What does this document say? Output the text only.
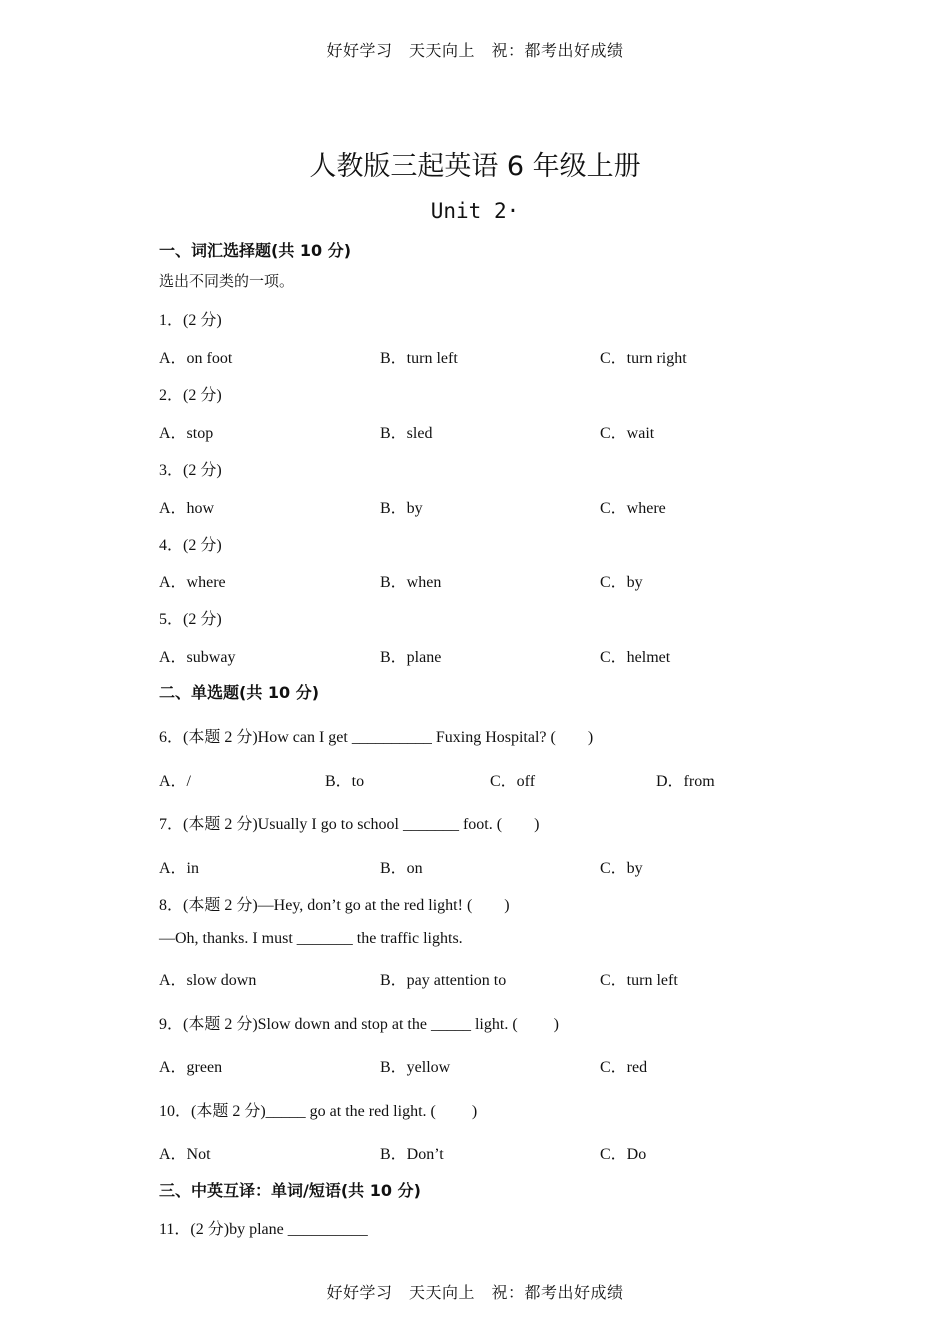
好好学习　天天向上　祝：都考出好成绩
人教版三起英语 6 年级上册
Unit 2·
一、词汇选择题(共 10 分)
选出不同类的一项。
1．(2 分)
A．on foot	B．turn left	C．turn right
2．(2 分)
A．stop	B．sled	C．wait
3．(2 分)
A．how	B．by	C．where
4．(2 分)
A．where	B．when	C．by
5．(2 分)
A．subway	B．plane	C．helmet
二、单选题(共 10 分)
6．(本题 2 分)How can I get __________ Fuxing Hospital? (　　)
A．/	B．to	C．off	D．from
7．(本题 2 分)Usually I go to school _______ foot. (　　)
A．in	B．on	C．by
8．(本题 2 分)—Hey, don’t go at the red light! (　　)
—Oh, thanks. I must _______ the traffic lights.
A．slow down	B．pay attention to	C．turn left
9．(本题 2 分)Slow down and stop at the _____ light. (　　 )
A．green	B．yellow	C．red
10．(本题 2 分)_____ go at the red light. (　　 )
A．Not	B．Don’t	C．Do
三、中英互译：单词/短语(共 10 分)
11．(2 分)by plane __________
好好学习　天天向上　祝：都考出好成绩
